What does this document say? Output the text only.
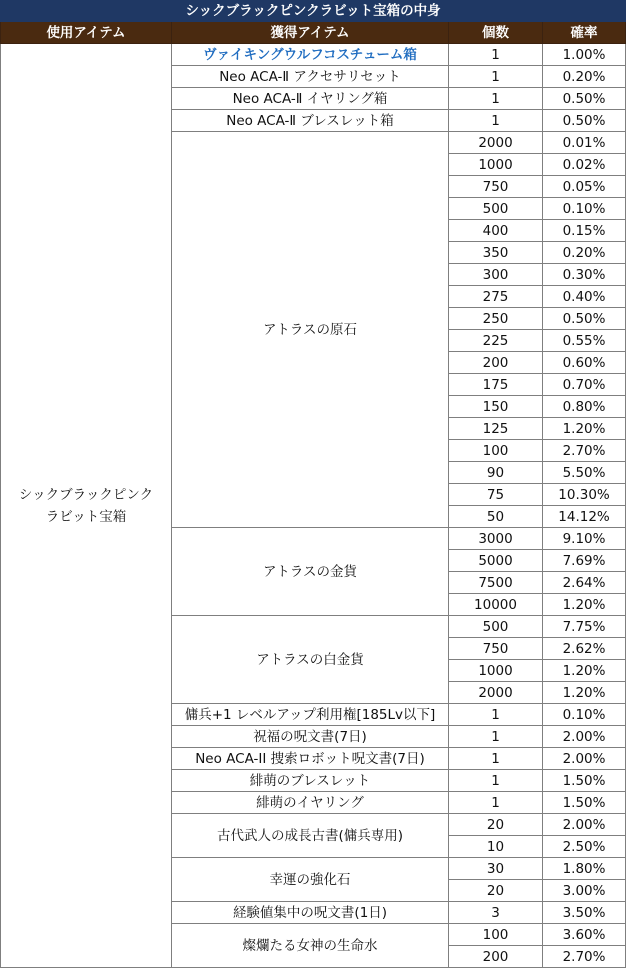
シックブラックピンクラビット宝箱の中身			
使用アイテム	獲得アイテム	個数	確率
シックブラックピンク
ラビット宝箱	ヴァイキングウルフコスチューム箱	1	1.00%
	Neo ACA-Ⅱ アクセサリセット	1	0.20%
	Neo ACA-Ⅱ イヤリング箱	1	0.50%
	Neo ACA-Ⅱ ブレスレット箱	1	0.50%
	アトラスの原石	2000	0.01%
		1000	0.02%
		750	0.05%
		500	0.10%
		400	0.15%
		350	0.20%
		300	0.30%
		275	0.40%
		250	0.50%
		225	0.55%
		200	0.60%
		175	0.70%
		150	0.80%
		125	1.20%
		100	2.70%
		90	5.50%
		75	10.30%
		50	14.12%
	アトラスの金貨	3000	9.10%
		5000	7.69%
		7500	2.64%
		10000	1.20%
	アトラスの白金貨	500	7.75%
		750	2.62%
		1000	1.20%
		2000	1.20%
	傭兵+1 レベルアップ利用権[185Lv以下]	1	0.10%
	祝福の呪文書(7日)	1	2.00%
	Neo ACA-II 捜索ロボット呪文書(7日)	1	2.00%
	緋萌のブレスレット	1	1.50%
	緋萌のイヤリング	1	1.50%
	古代武人の成長古書(傭兵専用)	20	2.00%
		10	2.50%
	幸運の強化石	30	1.80%
		20	3.00%
	経験値集中の呪文書(1日)	3	3.50%
	燦爛たる女神の生命水	100	3.60%
		200	2.70%
